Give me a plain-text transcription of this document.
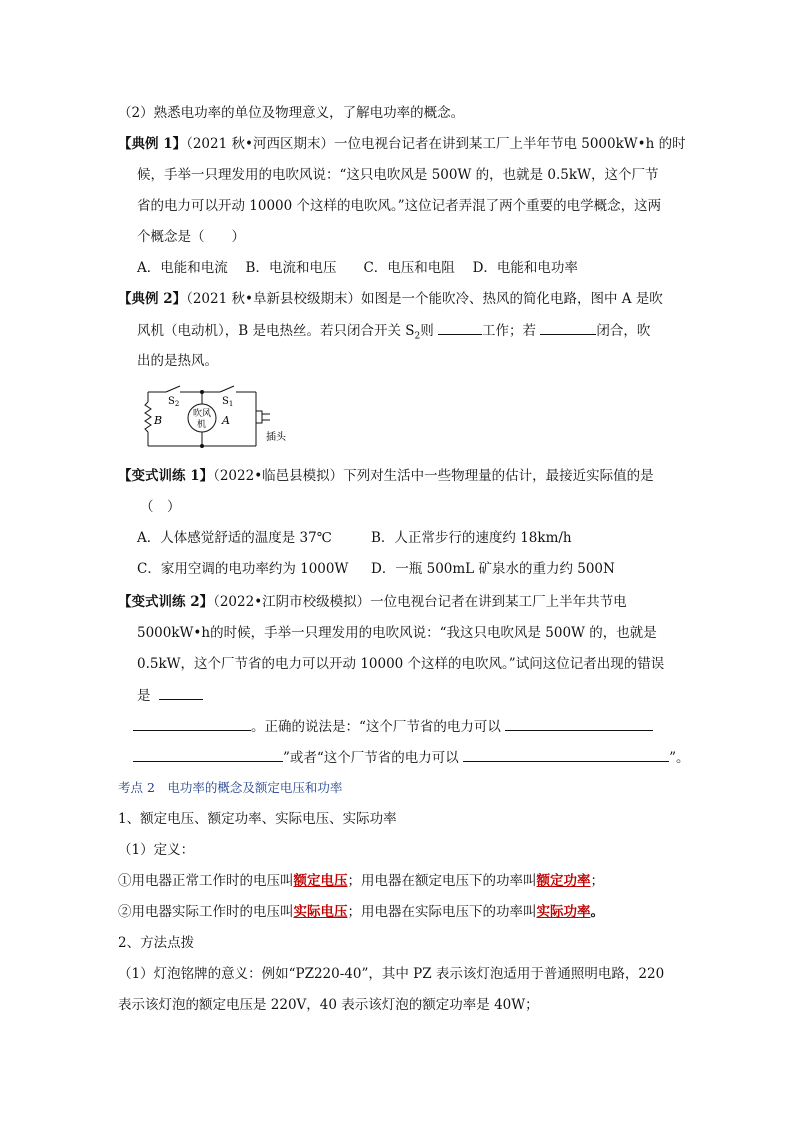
（2）熟悉电功率的单位及物理意义，了解电功率的概念。
【典例 1】（2021 秋•河西区期末）一位电视台记者在讲到某工厂上半年节电 5000kW•h 的时
候，手举一只理发用的电吹风说：“这只电吹风是 500W 的，也就是 0.5kW，这个厂节
省的电力可以开动 10000 个这样的电吹风。”这位记者弄混了两个重要的电学概念，这两
个概念是（　　）
A．电能和电流　 B．电流和电压　　C．电压和电阻　 D．电能和电功率
【典例 2】（2021 秋•阜新县校级期末）如图是一个能吹冷、热风的简化电路，图中 A 是吹
风机（电动机），B 是电热丝。若只闭合开关 $S_2$则	工作；若	闭合，吹
出的是热风。
$S_2$	$S_1$
B	A
吹风
机
插头
【变式训练 1】（2022•临邑县模拟）下列对生活中一些物理量的估计，最接近实际值的是
（　）
A．人体感觉舒适的温度是 37℃	B．人正常步行的速度约 18km/h
C．家用空调的电功率约为 1000W D．一瓶 500mL 矿泉水的重力约 500N
【变式训练 2】（2022•江阴市校级模拟）一位电视台记者在讲到某工厂上半年共节电
5000kW•h的时候，手举一只理发用的电吹风说：“我这只电吹风是 500W 的，也就是
0.5kW，这个厂节省的电力可以开动 10000 个这样的电吹风。”试问这位记者出现的错误
是
。正确的说法是：“这个厂节省的电力可以
”或者“这个厂节省的电力可以	”。
考点 2　电功率的概念及额定电压和功率
1、额定电压、额定功率、实际电压、实际功率
（1）定义：
①用电器正常工作时的电压叫额定电压；用电器在额定电压下的功率叫额定功率；
②用电器实际工作时的电压叫实际电压；用电器在实际电压下的功率叫实际功率。
2、方法点拨
（1）灯泡铭牌的意义：例如“PZ220-40”，其中 PZ 表示该灯泡适用于普通照明电路，220
表示该灯泡的额定电压是 220V，40 表示该灯泡的额定功率是 40W；
